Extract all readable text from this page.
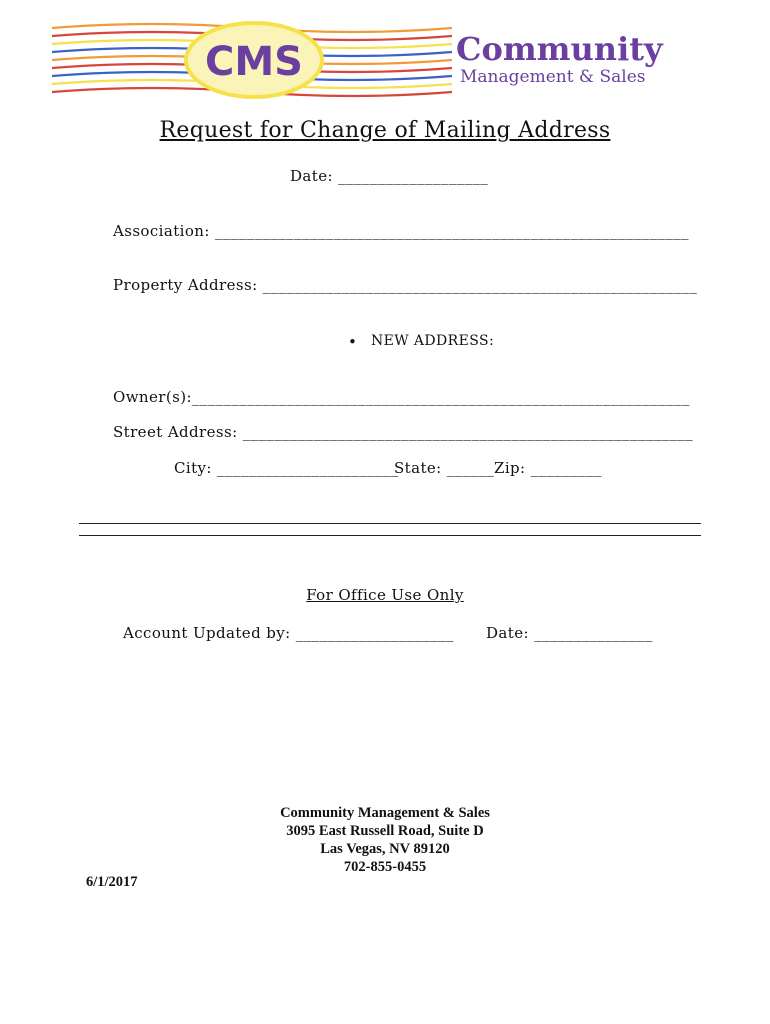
CMS	Community
Management & Sales
Request for Change of Mailing Address
Date: ___________________
Association: ____________________________________________________________
Property Address: _______________________________________________________
• NEW ADDRESS:
Owner(s):_______________________________________________________________
Street Address: _________________________________________________________
City: _______________________
State: ______ Zip: _________
For Office Use Only
Account Updated by: ____________________ Date: _______________
Community Management & Sales
3095 East Russell Road, Suite D
Las Vegas, NV 89120
702-855-0455
6/1/2017
